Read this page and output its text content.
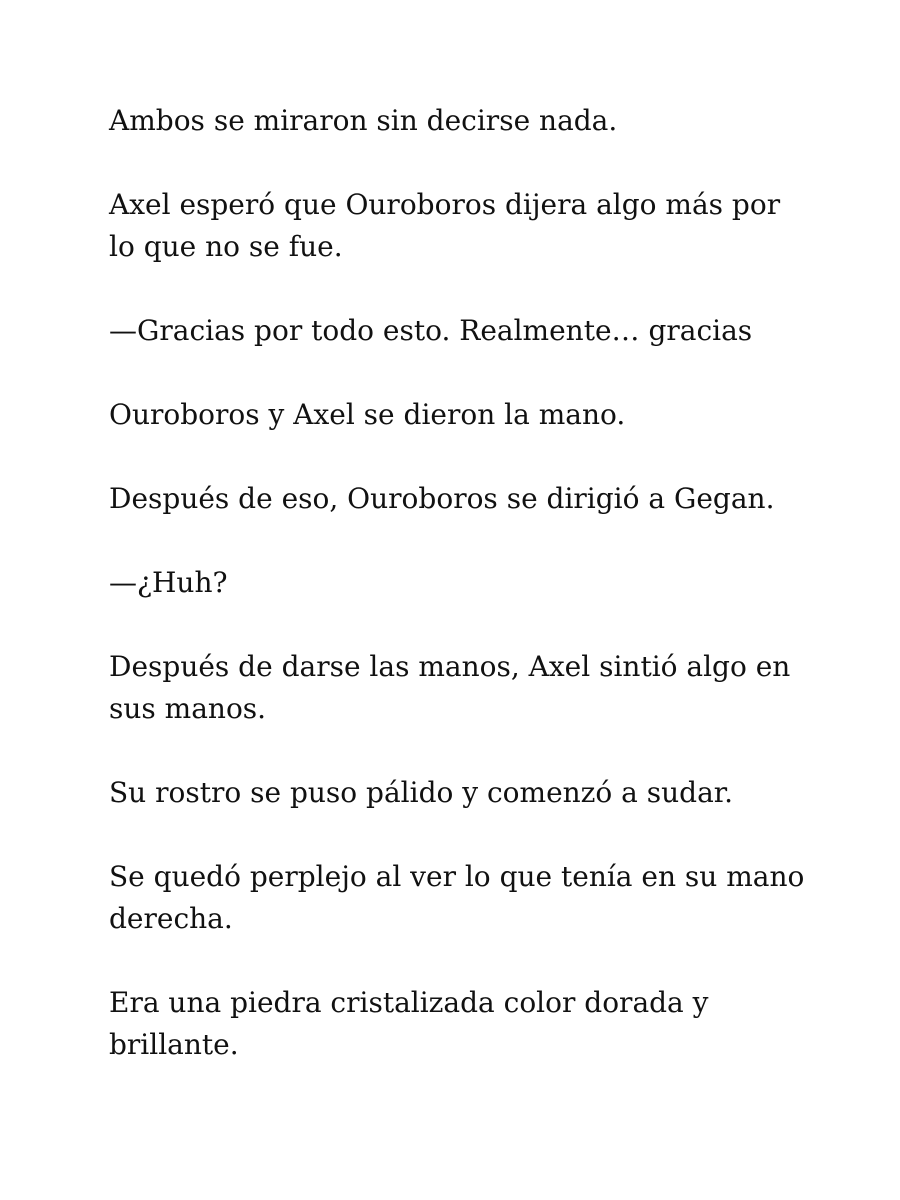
Ambos se miraron sin decirse nada.

Axel esperó que Ouroboros dijera algo más por lo que no se fue.

—Gracias por todo esto. Realmente… gracias

Ouroboros y Axel se dieron la mano.

Después de eso, Ouroboros se dirigió a Gegan.

—¿Huh?

Después de darse las manos, Axel sintió algo en sus manos.

Su rostro se puso pálido y comenzó a sudar.

Se quedó perplejo al ver lo que tenía en su mano derecha.

Era una piedra cristalizada color dorada y brillante.
